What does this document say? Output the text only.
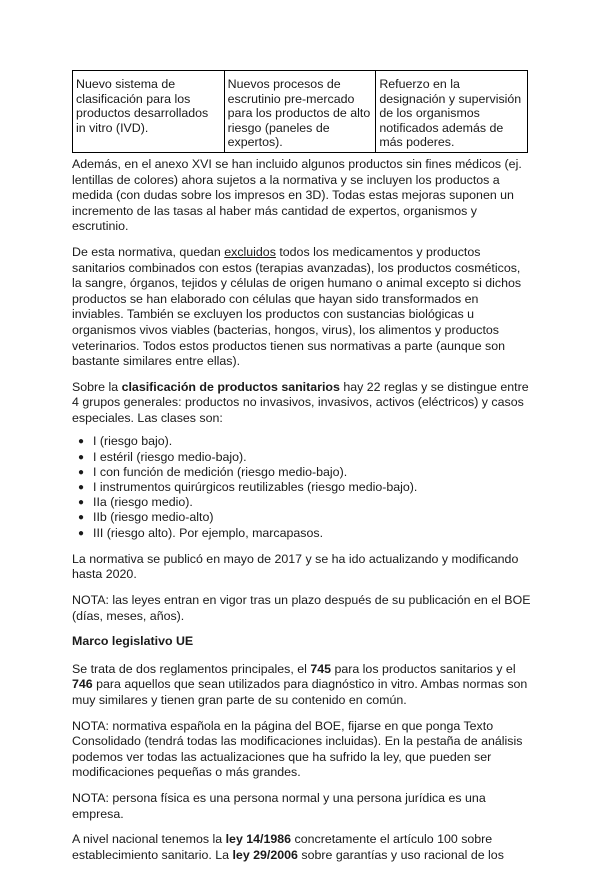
Nuevo sistema de clasificación para los productos desarrollados in vitro (IVD).	Nuevos procesos de escrutinio pre-mercado para los productos de alto riesgo (paneles de expertos).	Refuerzo en la designación y supervisión de los organismos notificados además de más poderes.

Además, en el anexo XVI se han incluido algunos productos sin fines médicos (ej. lentillas de colores) ahora sujetos a la normativa y se incluyen los productos a medida (con dudas sobre los impresos en 3D). Todas estas mejoras suponen un incremento de las tasas al haber más cantidad de expertos, organismos y escrutinio.

De esta normativa, quedan excluidos todos los medicamentos y productos sanitarios combinados con estos (terapias avanzadas), los productos cosméticos, la sangre, órganos, tejidos y células de origen humano o animal excepto si dichos productos se han elaborado con células que hayan sido transformados en inviables. También se excluyen los productos con sustancias biológicas u organismos vivos viables (bacterias, hongos, virus), los alimentos y productos veterinarios. Todos estos productos tienen sus normativas a parte (aunque son bastante similares entre ellas).

Sobre la clasificación de productos sanitarios hay 22 reglas y se distingue entre 4 grupos generales: productos no invasivos, invasivos, activos (eléctricos) y casos especiales. Las clases son:

● I (riesgo bajo).
● I estéril (riesgo medio-bajo).
● I con función de medición (riesgo medio-bajo).
● I instrumentos quirúrgicos reutilizables (riesgo medio-bajo).
● IIa (riesgo medio).
● IIb (riesgo medio-alto)
● III (riesgo alto). Por ejemplo, marcapasos.

La normativa se publicó en mayo de 2017 y se ha ido actualizando y modificando hasta 2020.

NOTA: las leyes entran en vigor tras un plazo después de su publicación en el BOE (días, meses, años).

Marco legislativo UE

Se trata de dos reglamentos principales, el 745 para los productos sanitarios y el 746 para aquellos que sean utilizados para diagnóstico in vitro. Ambas normas son muy similares y tienen gran parte de su contenido en común.

NOTA: normativa española en la página del BOE, fijarse en que ponga Texto Consolidado (tendrá todas las modificaciones incluidas). En la pestaña de análisis podemos ver todas las actualizaciones que ha sufrido la ley, que pueden ser modificaciones pequeñas o más grandes.

NOTA: persona física es una persona normal y una persona jurídica es una empresa.

A nivel nacional tenemos la ley 14/1986 concretamente el artículo 100 sobre establecimiento sanitario. La ley 29/2006 sobre garantías y uso racional de los
